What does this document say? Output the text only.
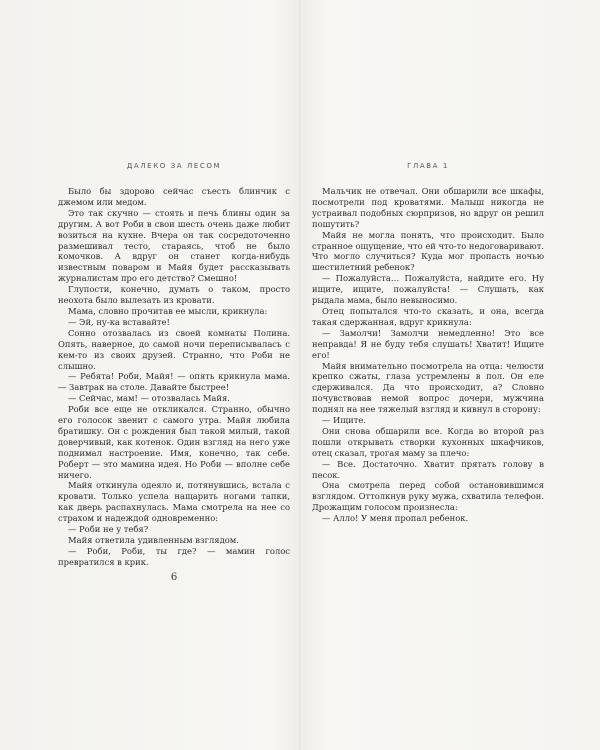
ДАЛЕКО ЗА ЛЕСОМ

Было бы здорово сейчас съесть блинчик с джемом или медом.

Это так скучно — стоять и печь блины один за другим. А вот Роби в свои шесть очень даже любит возиться на кухне. Вчера он так сосредоточенно размешивал тесто, стараясь, чтоб не было комочков. А вдруг он станет когда-нибудь известным поваром и Майя будет рассказывать журналистам про его детство? Смешно!

Глупости, конечно, думать о таком, просто неохота было вылезать из кровати.

Мама, словно прочитав ее мысли, крикнула:

— Эй, ну-ка вставайте!

Сонно отозвалась из своей комнаты Полина. Опять, наверное, до самой ночи переписывалась с кем-то из своих друзей. Странно, что Роби не слышно.

— Ребята! Роби, Майя! — опять крикнула мама. — Завтрак на столе. Давайте быстрее!

— Сейчас, мам! — отозвалась Майя.

Роби все еще не откликался. Странно, обычно его голосок звенит с самого утра. Майя любила братишку. Он с рождения был такой милый, такой доверчивый, как котенок. Один взгляд на него уже поднимал настроение. Имя, конечно, так себе. Роберт — это мамина идея. Но Роби — вполне себе ничего.

Майя откинула одеяло и, потянувшись, встала с кровати. Только успела нащарить ногами тапки, как дверь распахнулась. Мама смотрела на нее со страхом и надеждой одновременно:

— Роби не у тебя?

Майя ответила удивленным взглядом.

— Роби, Роби, ты где? — мамин голос превратился в крик.

6
ГЛАВА 1

Мальчик не отвечал. Они обшарили все шкафы, посмотрели под кроватями. Малыш никогда не устраивал подобных сюрпризов, но вдруг он решил пошутить?

Майя не могла понять, что происходит. Было странное ощущение, что ей что-то недоговаривают. Что могло случиться? Куда мог пропасть ночью шестилетний ребенок?

— Пожалуйста… Пожалуйста, найдите его. Ну ищите, ищите, пожалуйста! — Слушать, как рыдала мама, было невыносимо.

Отец попытался что-то сказать, и она, всегда такая сдержанная, вдруг крикнула:

— Замолчи! Замолчи немедленно! Это все неправда! Я не буду тебя слушать! Хватит! Ищите его!

Майя внимательно посмотрела на отца: челюсти крепко сжаты, глаза устремлены в пол. Он еле сдерживался. Да что происходит, а? Словно почувствовав немой вопрос дочери, мужчина поднял на нее тяжелый взгляд и кивнул в сторону:

— Ищите.

Они снова обшарили все. Когда во второй раз пошли открывать створки кухонных шкафчиков, отец сказал, трогая маму за плечо:

— Все. Достаточно. Хватит прятать голову в песок.

Она смотрела перед собой остановившимся взглядом. Оттолкнув руку мужа, схватила телефон. Дрожащим голосом произнесла:

— Алло! У меня пропал ребенок.
